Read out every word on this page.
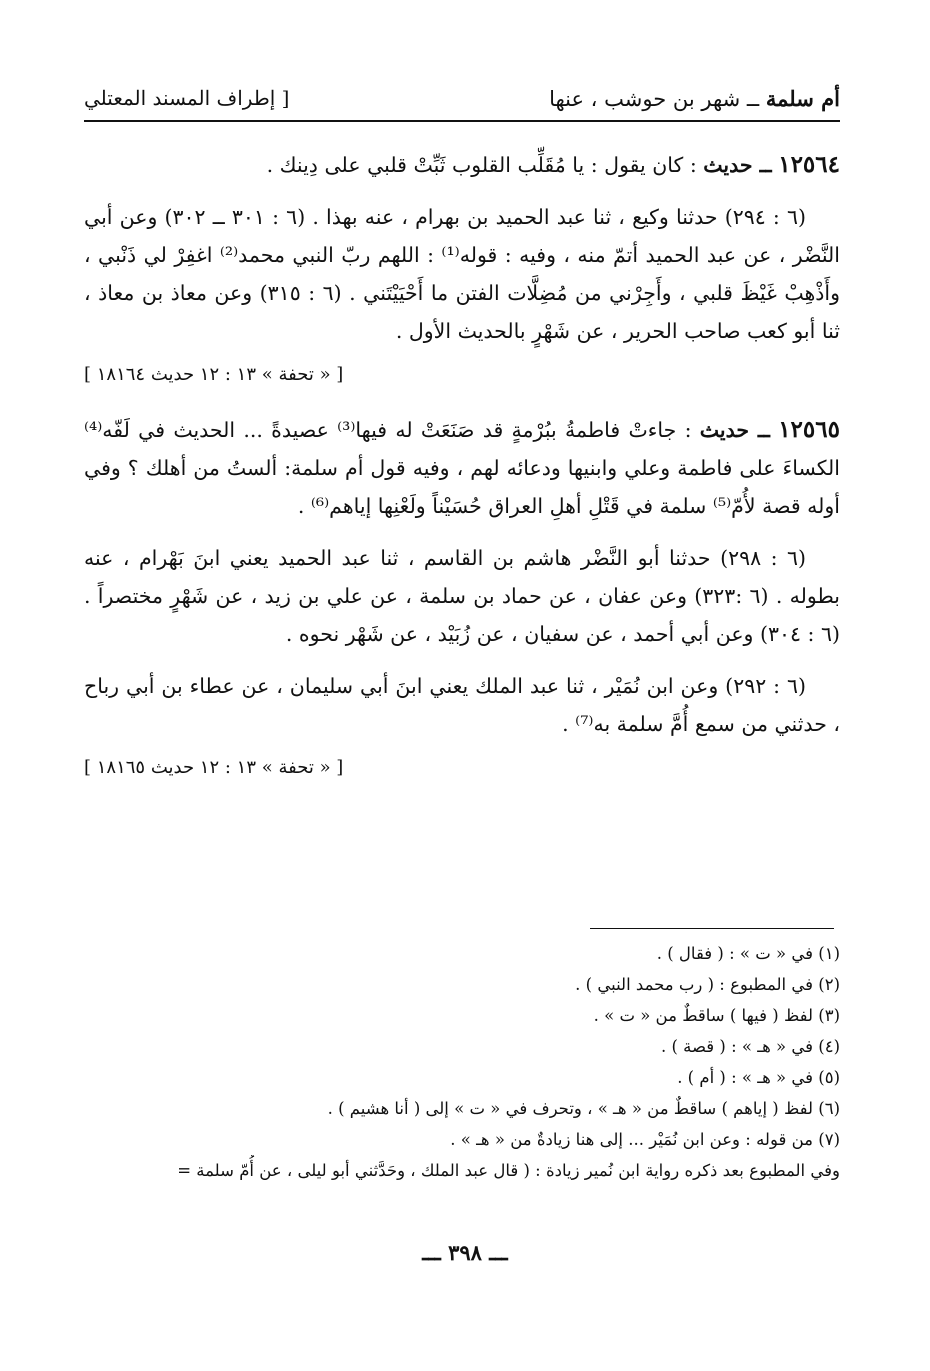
أم سلمة ــ شهر بن حوشب ، عنها
[ إطراف المسند المعتلي

١٢٥٦٤ ــ حديث : كان يقول : يا مُقَلِّب القلوب ثَبِّتْ قلبي على دِينك .

(٦ : ٢٩٤) حدثنا وكيع ، ثنا عبد الحميد بن بهرام ، عنه بهذا . (٦ : ٣٠١ ــ ٣٠٢) وعن أبي النَّضْر ، عن عبد الحميد أتمّ منه ، وفيه : قوله⁽¹⁾ : اللهم ربّ النبي محمد⁽²⁾ اغفِرْ لي ذَنْبي ، وأَذْهِبْ غَيْظَ قلبي ، وأَجِرْني من مُضِلَّات الفتن ما أَحْيَيْتَني . (٦ : ٣١٥) وعن معاذ بن معاذ ، ثنا أبو كعب صاحب الحرير ، عن شَهْرٍ بالحديث الأول .

[ « تحفة » ١٣ : ١٢ حديث ١٨١٦٤ ]

١٢٥٦٥ ــ حديث : جاءتْ فاطمةُ ببُرْمةٍ قد صَنَعَتْ له فيها⁽³⁾ عصيدةً ... الحديث في لَفّه⁽⁴⁾ الكساءَ على فاطمة وعلي وابنيها ودعائه لهم ، وفيه قول أم سلمة: ألستُ من أهلك ؟ وفي أوله قصة لأُمّ⁽⁵⁾ سلمة في قَتْلِ أهلِ العراق حُسَيْناً ولَعْنِها إياهم⁽⁶⁾ .

(٦ : ٢٩٨) حدثنا أبو النَّضْر هاشم بن القاسم ، ثنا عبد الحميد يعني ابنَ بَهْرام ، عنه بطوله . (٦ :٣٢٣) وعن عفان ، عن حماد بن سلمة ، عن علي بن زيد ، عن شَهْرٍ مختصراً . (٦ : ٣٠٤) وعن أبي أحمد ، عن سفيان ، عن زُبَيْد ، عن شَهْر نحوه .

(٦ : ٢٩٢) وعن ابن نُمَيْر ، ثنا عبد الملك يعني ابنَ أبي سليمان ، عن عطاء بن أبي رباح ، حدثني من سمع أُمَّ سلمة به⁽⁷⁾ .

[ « تحفة » ١٣ : ١٢ حديث ١٨١٦٥ ]
(١) في « ت » : ( فقال ) .
(٢) في المطبوع : ( رب محمد النبي ) .
(٣) لفظ ( فيها ) ساقطٌ من « ت » .
(٤) في « هـ » : ( قصة ) .
(٥) في « هـ » : ( أم ) .
(٦) لفظ ( إياهم ) ساقطٌ من « هـ » ، وتحرف في « ت » إلى ( أنا هشيم ) .
(٧) من قوله : وعن ابن نُمَيْر ... إلى هنا زيادةٌ من « هـ » .
وفي المطبوع بعد ذكره رواية ابن نُمير زيادة : ( قال عبد الملك ، وحَدَّثني أبو ليلى ، عن أُمّ سلمة =
ـــ ٣٩٨ ـــ
